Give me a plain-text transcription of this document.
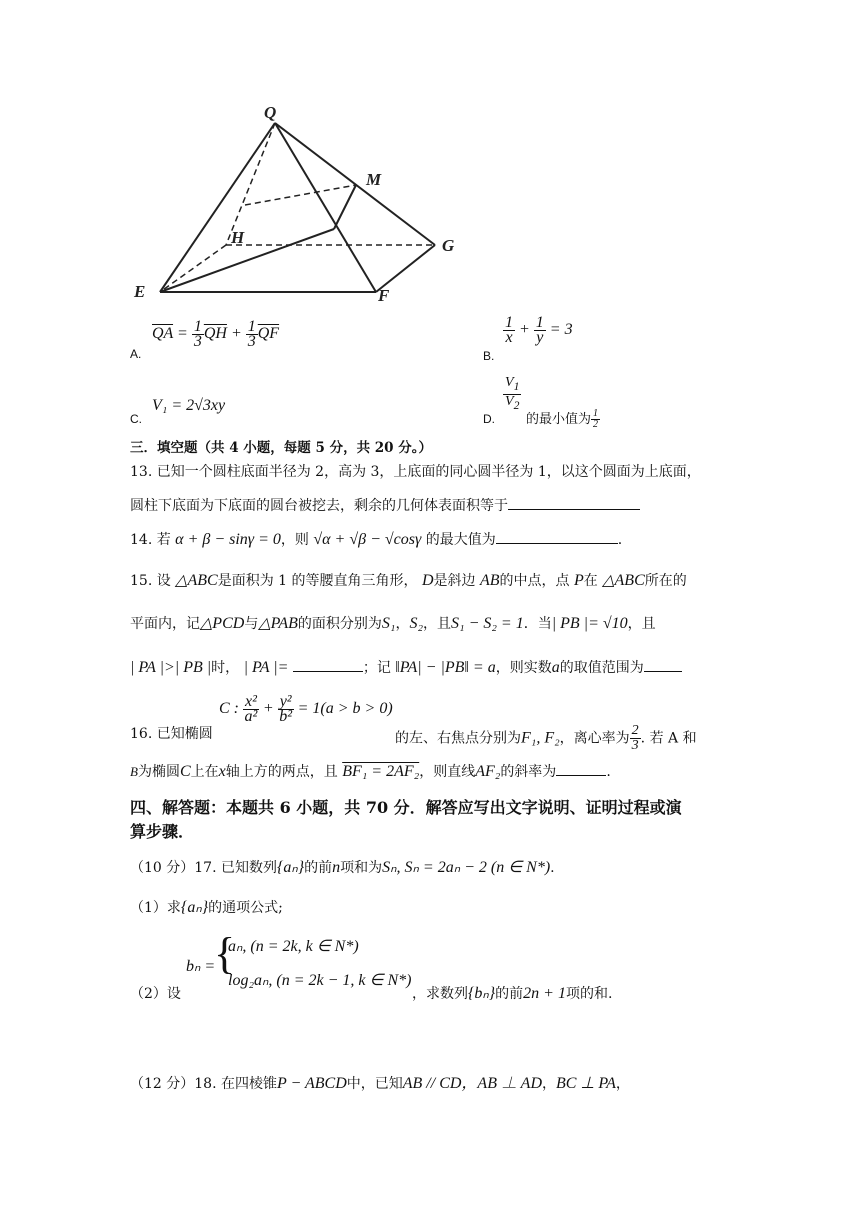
Q
M
H	G
E	F
A.
$\overline{QA} = \frac{1}{3} \overline{QH} + \frac{1}{3} \overline{QF}$
B.
$\frac{1}{x} + \frac{1}{y} = 3$
C.
V₁ = 2√3xy
D.
$\frac{V_1}{V_2}$
的最小值为 $\frac{1}{2}$
三．填空题（共 4 小题，每题 5 分，共 20 分。）
13. 已知一个圆柱底面半径为 2，高为 3，上底面的同心圆半径为 1，以这个圆面为上底面，
圆柱下底面为下底面的圆台被挖去，剩余的几何体表面积等于
14. 若 α + β − sinγ = 0，则 √α + √β − √cosγ 的最大值为	.
15. 设 △ABC是面积为 1 的等腰直角三角形， D是斜边 AB的中点，点 P在 △ABC所在的
平面内，记△PCD与△PAB的面积分别为S₁，S₂，且S₁ − S₂ = 1．当| PB |= √10，且
| PA |>| PB |时， | PA |=	；记 ‖PA| − |PB‖ = a，则实数a的取值范围为
16. 已知椭圆
C : $\frac{\text{x²}}{\text{a²}} + \frac{\text{y²}}{\text{b²}} = 1(a > b > 0)$
的左、右焦点分别为F₁, F₂，离心率为 $\frac{2}{3}$ . 若 A 和
B为椭圆C上在x轴上方的两点，且 BF₁ = 2AF₂，则直线AF₂的斜率为	.
四、解答题：本题共 6 小题，共 70 分．解答应写出文字说明、证明过程或演
算步骤．
（10 分）17. 已知数列{aₙ}的前n项和为Sₙ, Sₙ = 2aₙ − 2 (n ∈ N*).
（1）求{aₙ}的通项公式;
（2）设
bₙ =
{
aₙ, (n = 2k, k ∈ N*)
log₂aₙ, (n = 2k − 1, k ∈ N*)
，求数列{bₙ}的前2n + 1项的和.
（12 分）18. 在四棱锥P − ABCD中，已知AB // CD，AB ⊥ AD，BC ⊥ PA，
